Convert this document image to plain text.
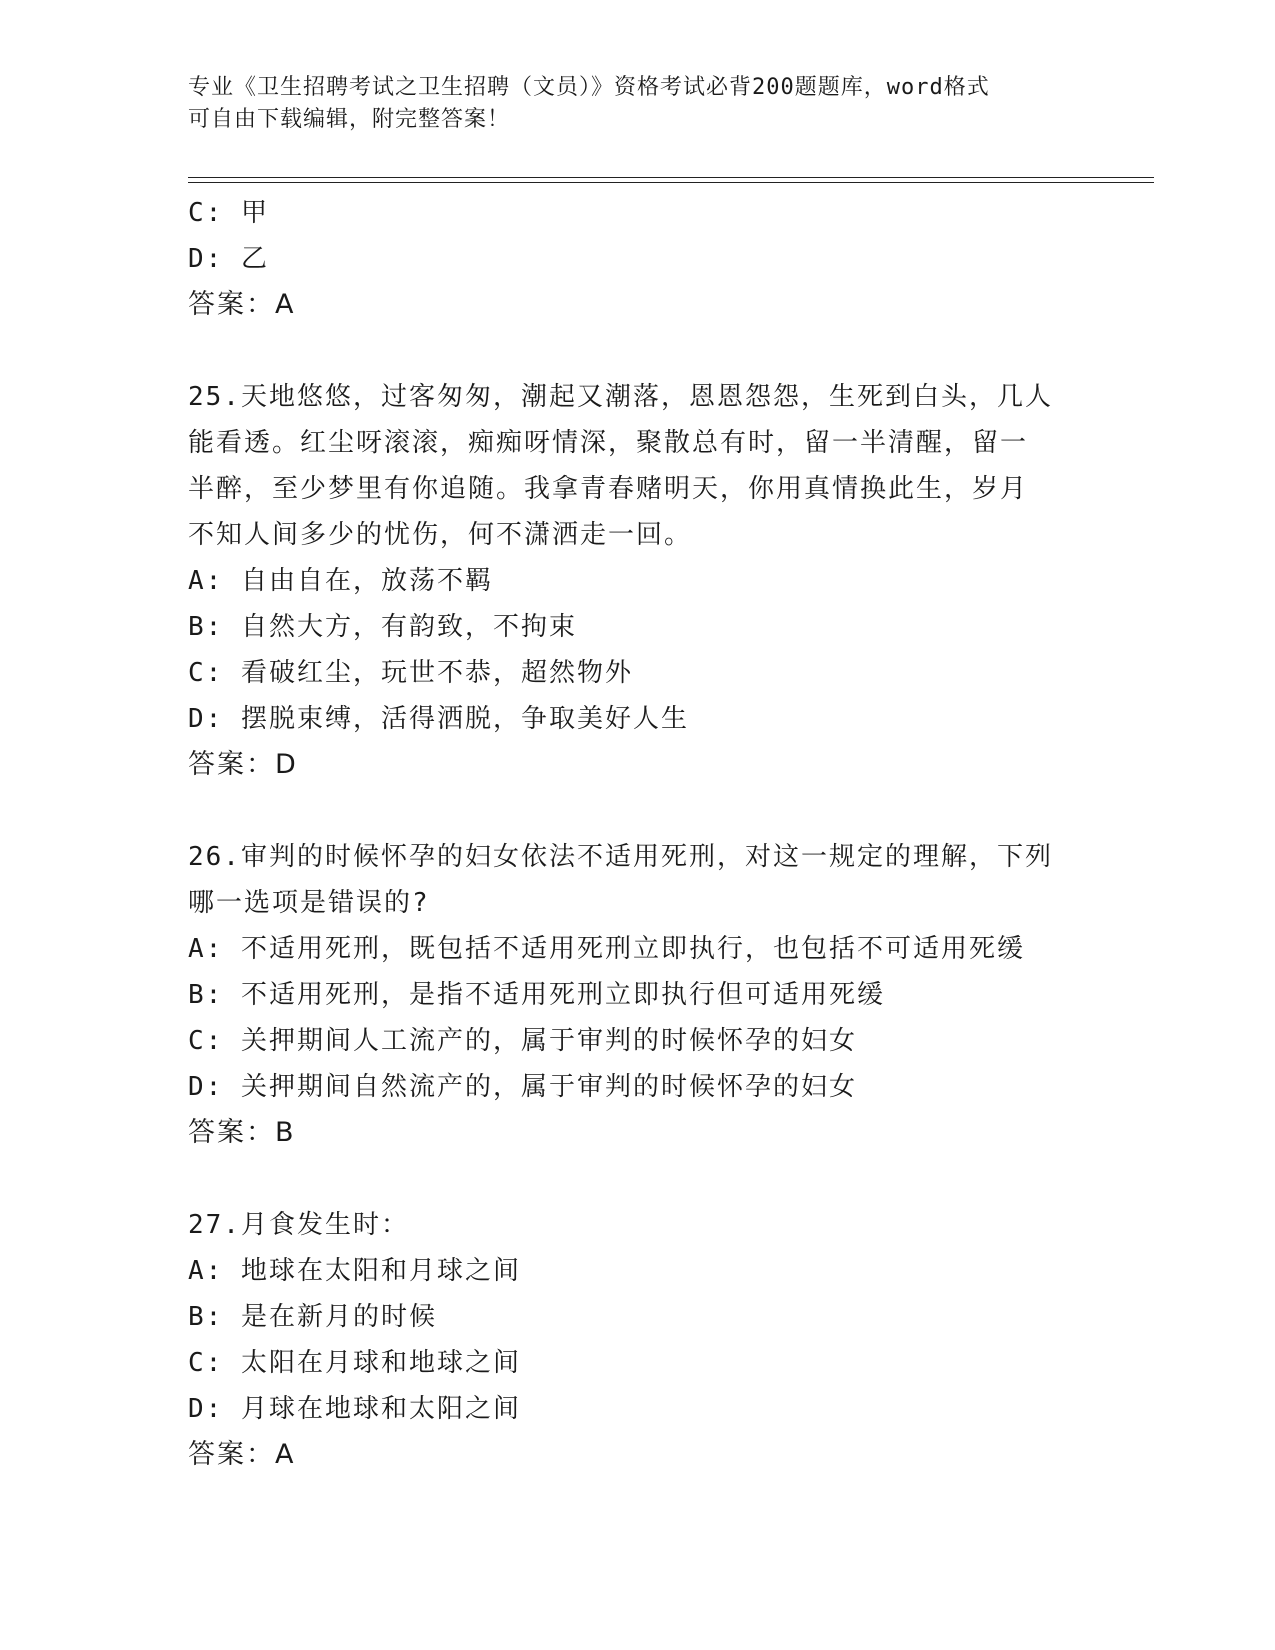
专业《卫生招聘考试之卫生招聘（文员）》资格考试必背200题题库，word格式
可自由下载编辑，附完整答案！
C: 甲
D: 乙
答案：A
25.天地悠悠，过客匆匆，潮起又潮落，恩恩怨怨，生死到白头，几人
能看透。红尘呀滚滚，痴痴呀情深，聚散总有时，留一半清醒，留一
半醉，至少梦里有你追随。我拿青春赌明天，你用真情换此生，岁月
不知人间多少的忧伤，何不潇洒走一回。
A: 自由自在，放荡不羁
B: 自然大方，有韵致，不拘束
C: 看破红尘，玩世不恭，超然物外
D: 摆脱束缚，活得洒脱，争取美好人生
答案：D
26.审判的时候怀孕的妇女依法不适用死刑，对这一规定的理解，下列
哪一选项是错误的?
A: 不适用死刑，既包括不适用死刑立即执行，也包括不可适用死缓
B: 不适用死刑，是指不适用死刑立即执行但可适用死缓
C: 关押期间人工流产的，属于审判的时候怀孕的妇女
D: 关押期间自然流产的，属于审判的时候怀孕的妇女
答案：B
27.月食发生时：
A: 地球在太阳和月球之间
B: 是在新月的时候
C: 太阳在月球和地球之间
D: 月球在地球和太阳之间
答案：A
